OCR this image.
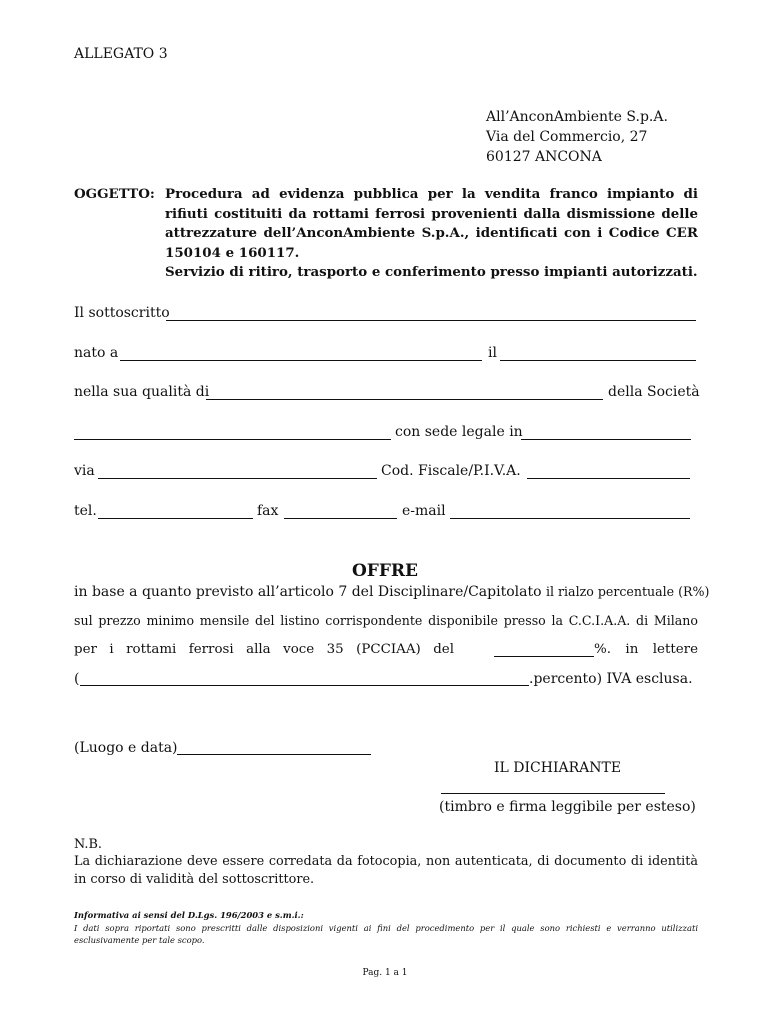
ALLEGATO 3
All’AnconAmbiente S.p.A.
Via del Commercio, 27
60127 ANCONA
OGGETTO: Procedura ad evidenza pubblica per la vendita franco impianto di rifiuti costituiti da rottami ferrosi provenienti dalla dismissione delle attrezzature dell’AnconAmbiente S.p.A., identificati con i Codice CER 150104 e 160117.

Servizio di ritiro, trasporto e conferimento presso impianti autorizzati.

Il sottoscritto
nato a	il
nella sua qualità di	della Società
con sede legale in
via	Cod. Fiscale/P.I.V.A.
tel.	fax	e-mail
OFFRE
in base a quanto previsto all’articolo 7 del Disciplinare/Capitolato il rialzo percentuale (R%)
sul prezzo minimo mensile del listino corrispondente disponibile presso la C.C.I.A.A. di Milano
per i rottami ferrosi alla voce 35 (PCCIAA) del	%. in lettere
(	.percento) IVA esclusa.
(Luogo e data)
IL DICHIARANTE
(timbro e firma leggibile per esteso)
N.B.
La dichiarazione deve essere corredata da fotocopia, non autenticata, di documento di identità in corso di validità del sottoscrittore.
Informativa ai sensi del D.Lgs. 196/2003 e s.m.i.:
I dati sopra riportati sono prescritti dalle disposizioni vigenti ai fini del procedimento per il quale sono richiesti e verranno utilizzati esclusivamente per tale scopo.
Pag. 1 a 1
